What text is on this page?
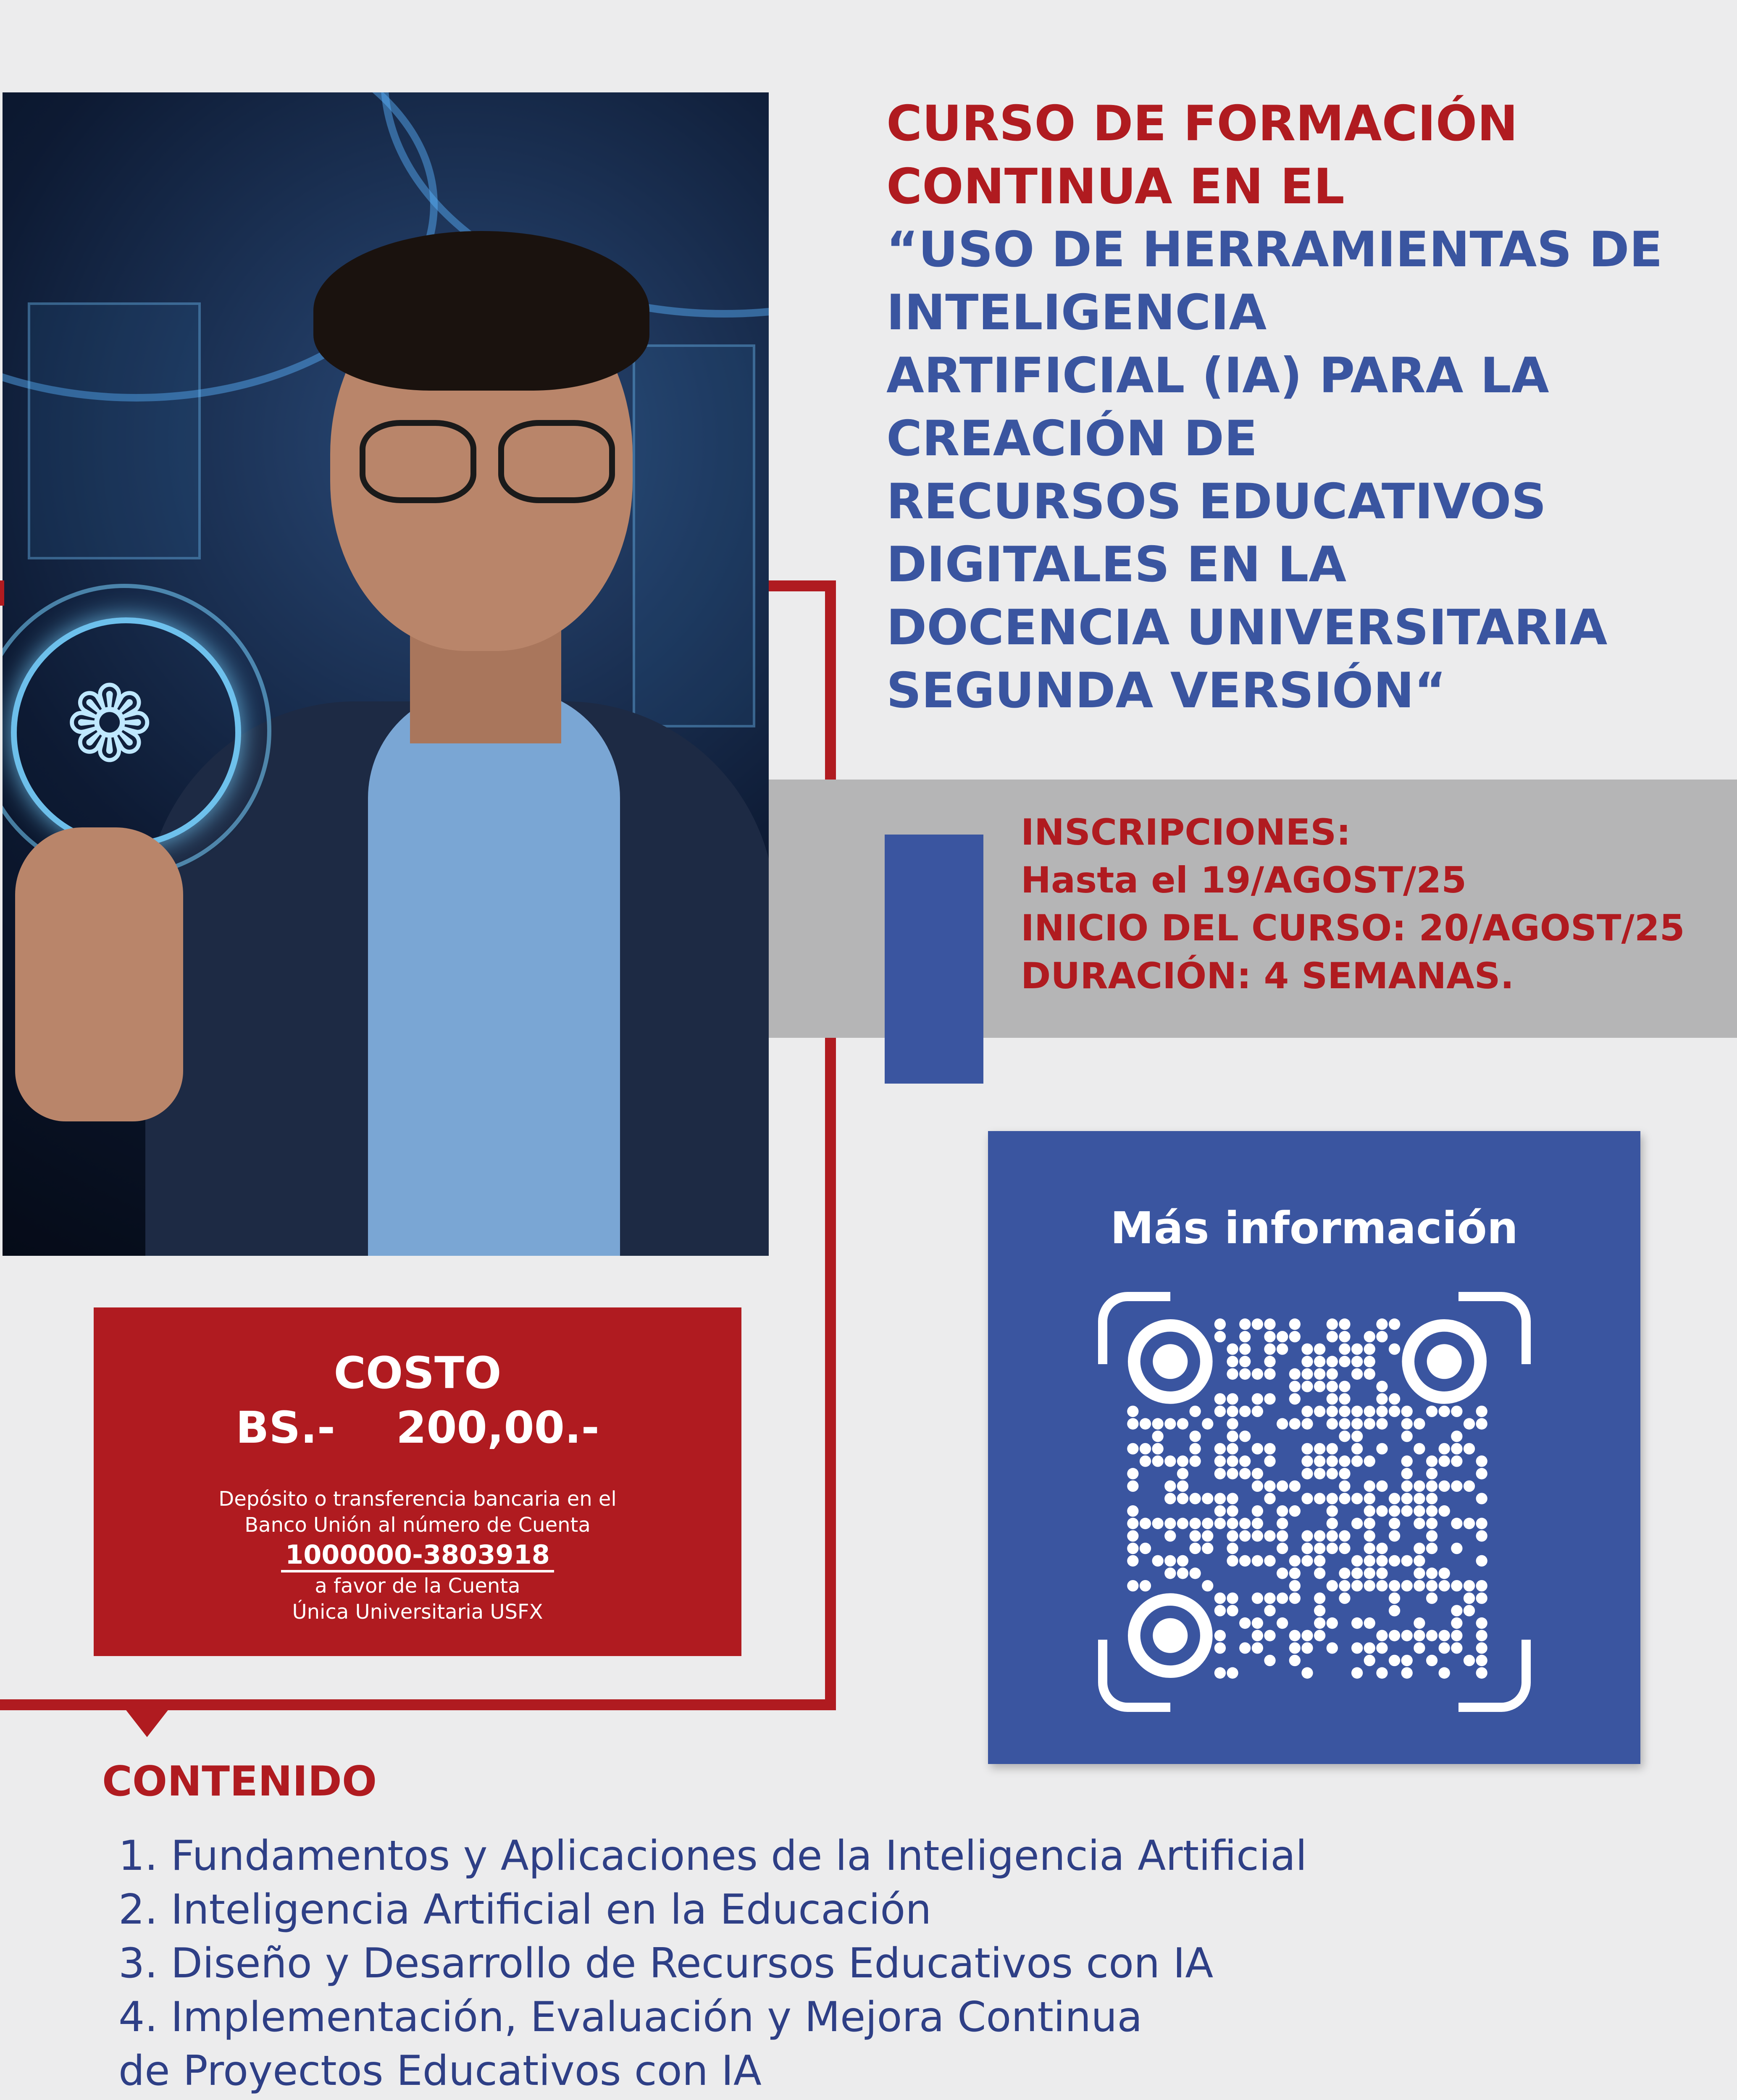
❁
CURSO DE FORMACIÓN
CONTINUA EN EL
“USO DE HERRAMIENTAS DE
INTELIGENCIA
ARTIFICIAL (IA) PARA LA
CREACIÓN DE
RECURSOS EDUCATIVOS
DIGITALES EN LA
DOCENCIA UNIVERSITARIA
SEGUNDA VERSIÓN“
INSCRIPCIONES:
Hasta el 19/AGOST/25
INICIO DEL CURSO: 20/AGOST/25
DURACIÓN: 4 SEMANAS.
Más información
COSTO
BS.-    200,00.-
Depósito o transferencia bancaria en el
Banco Unión al número de Cuenta
1000000-3803918
a favor de la Cuenta
Única Universitaria USFX
CONTENIDO
1. Fundamentos y Aplicaciones de la Inteligencia Artificial
2. Inteligencia Artificial en la Educación
3. Diseño y Desarrollo de Recursos Educativos con IA
4. Implementación, Evaluación y Mejora Continua
de Proyectos Educativos con IA
